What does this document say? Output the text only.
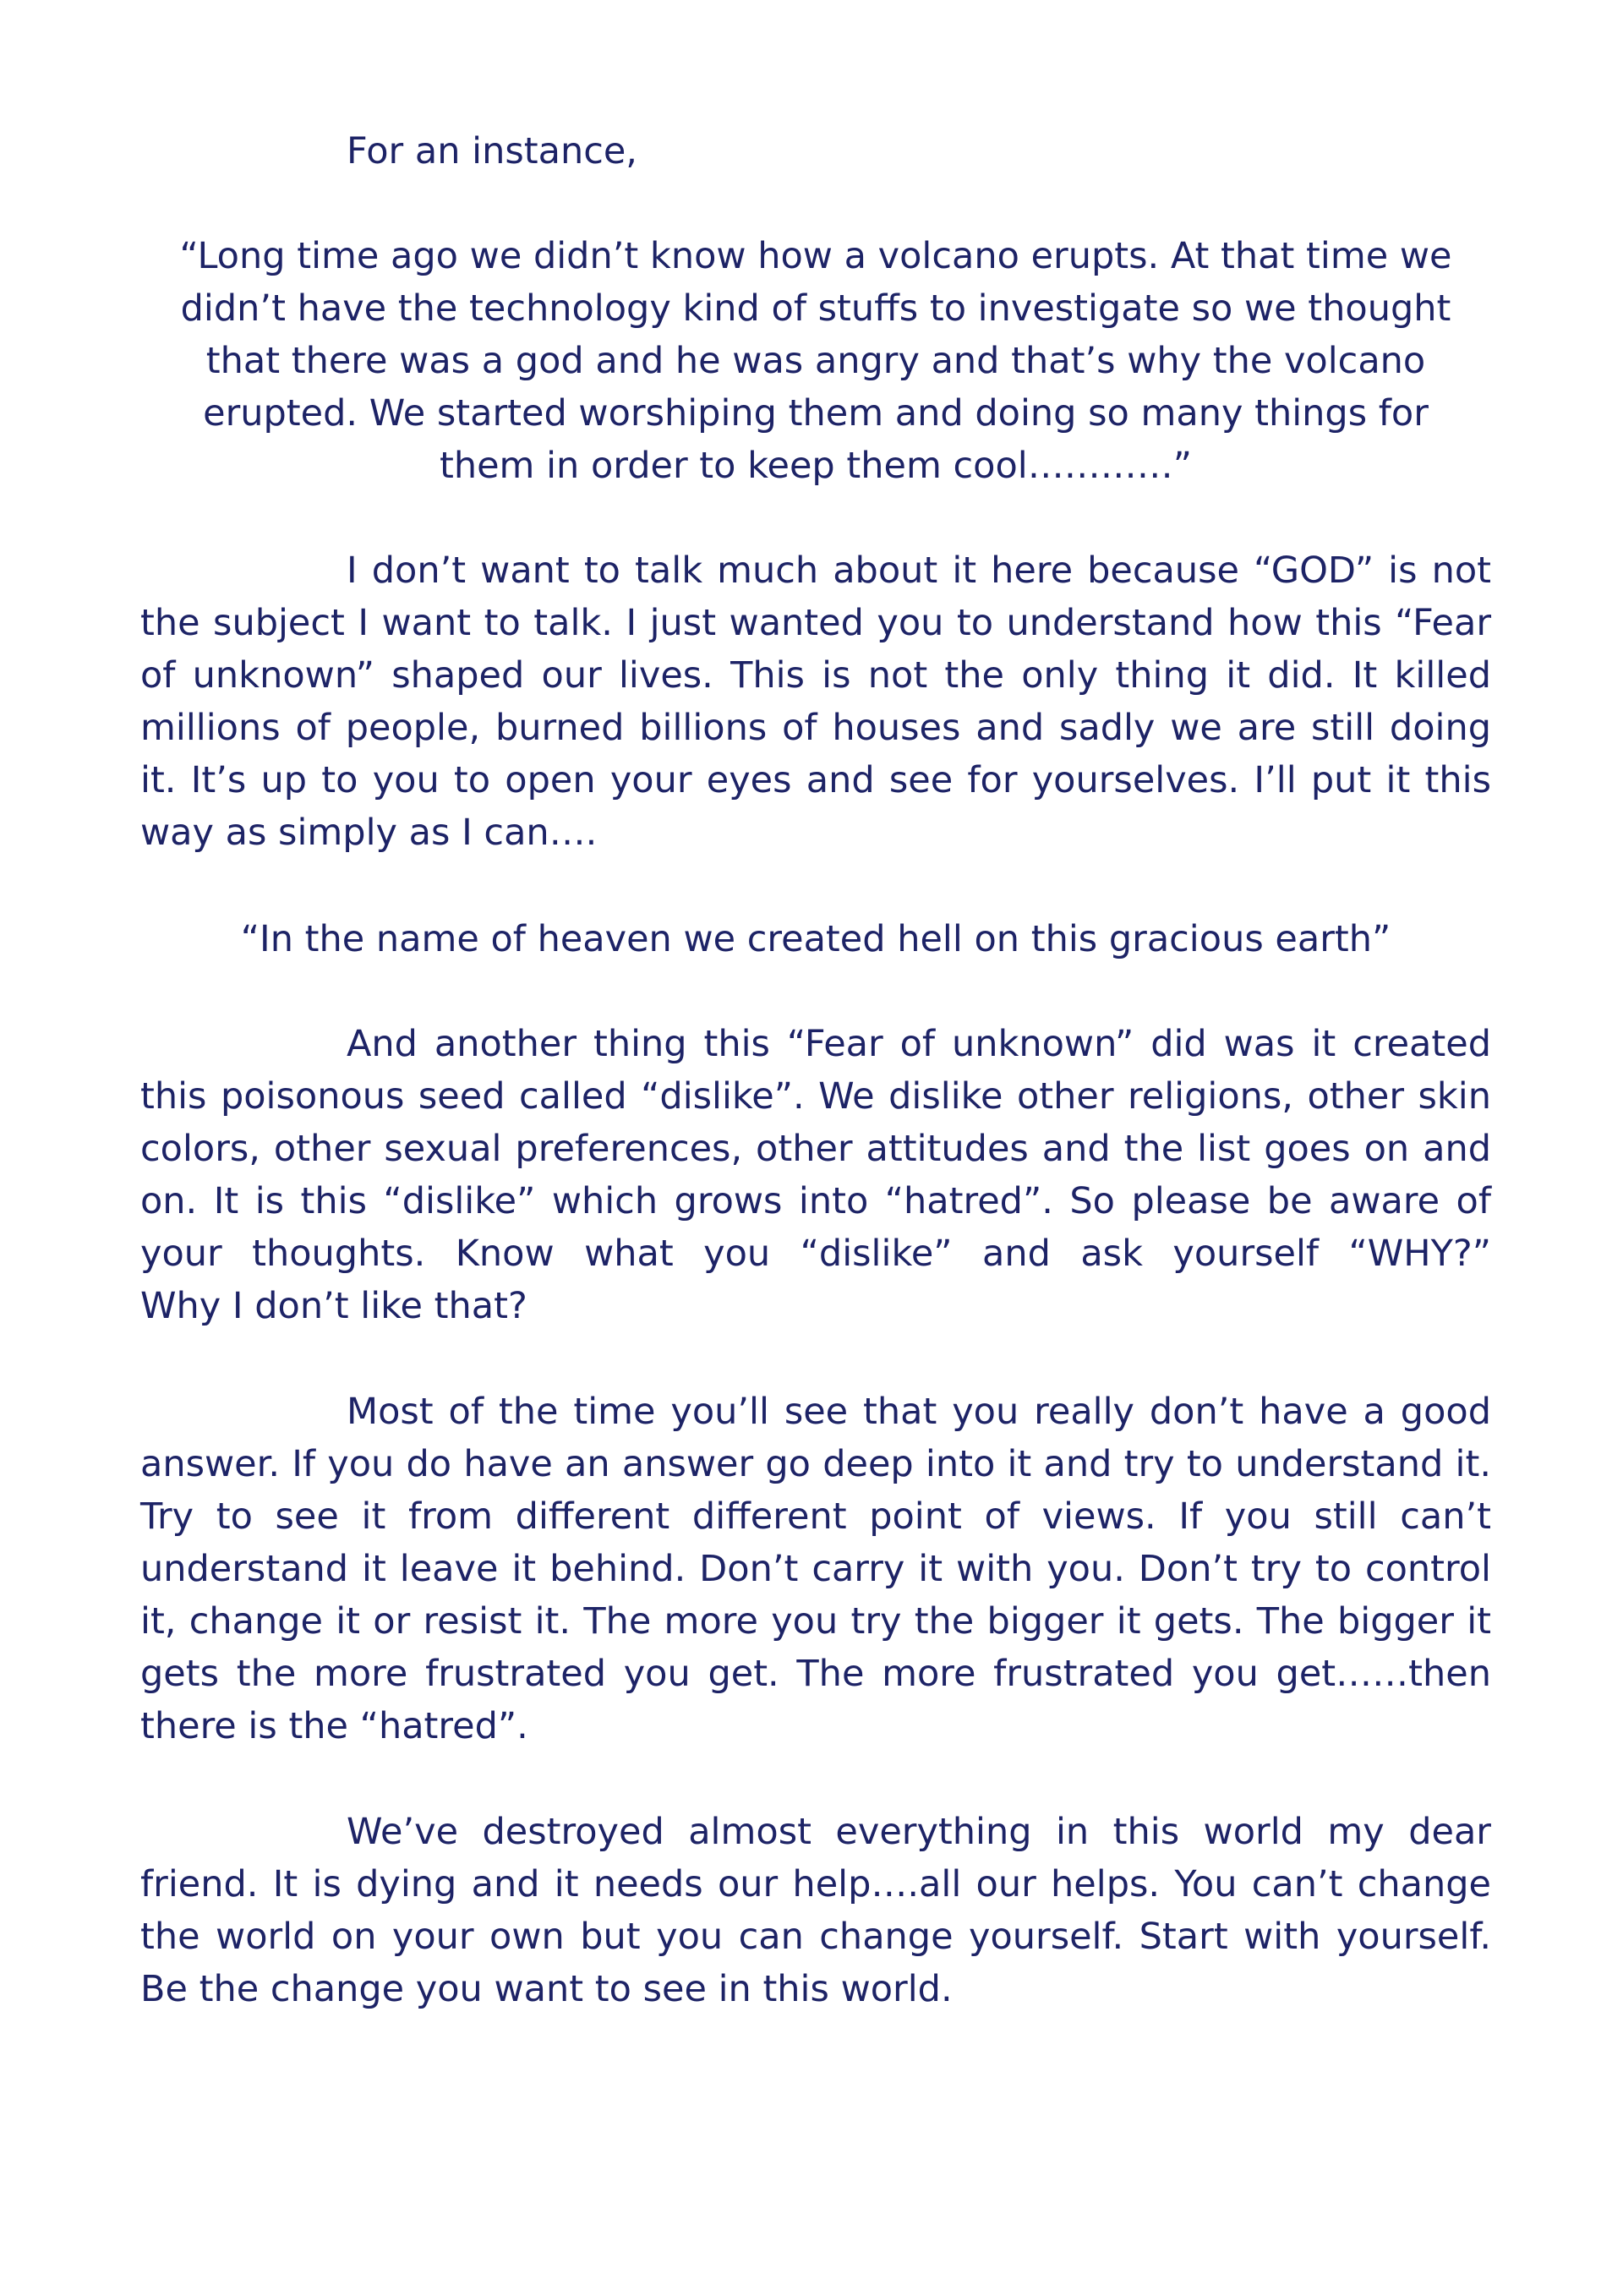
For an instance,

“Long time ago we didn’t know how a volcano erupts. At that time we
didn’t have the technology kind of stuffs to investigate so we thought
that there was a god and he was angry and that’s why the volcano
erupted. We started worshiping them and doing so many things for
them in order to keep them cool…………”

I don’t want to talk much about it here because “GOD” is not
the subject I want to talk. I just wanted you to understand how this “Fear
of unknown” shaped our lives. This is not the only thing it did. It killed
millions of people, burned billions of houses and sadly we are still doing
it. It’s up to you to open your eyes and see for yourselves. I’ll put it this
way as simply as I can….

“In the name of heaven we created hell on this gracious earth”

And another thing this “Fear of unknown” did was it created
this poisonous seed called “dislike”. We dislike other religions, other skin
colors, other sexual preferences, other attitudes and the list goes on and
on. It is this “dislike” which grows into “hatred”. So please be aware of
your thoughts. Know what you “dislike” and ask yourself “WHY?”
Why I don’t like that?

Most of the time you’ll see that you really don’t have a good
answer. If you do have an answer go deep into it and try to understand it.
Try to see it from different different point of views. If you still can’t
understand it leave it behind. Don’t carry it with you. Don’t try to control
it, change it or resist it. The more you try the bigger it gets. The bigger it
gets the more frustrated you get. The more frustrated you get……then
there is the “hatred”.

We’ve destroyed almost everything in this world my dear
friend. It is dying and it needs our help….all our helps. You can’t change
the world on your own but you can change yourself. Start with yourself.
Be the change you want to see in this world.
